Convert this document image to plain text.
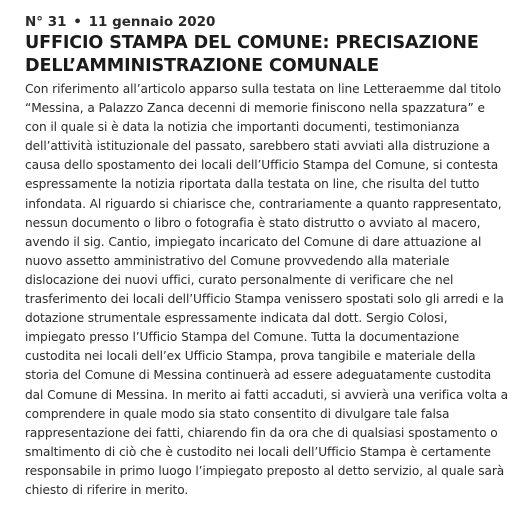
N° 31 • 11 gennaio 2020
UFFICIO STAMPA DEL COMUNE: PRECISAZIONE DELL’AMMINISTRAZIONE COMUNALE

Con riferimento all’articolo apparso sulla testata on line Letteraemme dal titolo “Messina, a Palazzo Zanca decenni di memorie finiscono nella spazzatura” e con il quale si è data la notizia che importanti documenti, testimonianza dell’attività istituzionale del passato, sarebbero stati avviati alla distruzione a causa dello spostamento dei locali dell’Ufficio Stampa del Comune, si contesta espressamente la notizia riportata dalla testata on line, che risulta del tutto infondata. Al riguardo si chiarisce che, contrariamente a quanto rappresentato, nessun documento o libro o fotografia è stato distrutto o avviato al macero, avendo il sig. Cantio, impiegato incaricato del Comune di dare attuazione al nuovo assetto amministrativo del Comune provvedendo alla materiale dislocazione dei nuovi uffici, curato personalmente di verificare che nel trasferimento dei locali dell’Ufficio Stampa venissero spostati solo gli arredi e la dotazione strumentale espressamente indicata dal dott. Sergio Colosi, impiegato presso l’Ufficio Stampa del Comune. Tutta la documentazione custodita nei locali dell’ex Ufficio Stampa, prova tangibile e materiale della storia del Comune di Messina continuerà ad essere adeguatamente custodita dal Comune di Messina. In merito ai fatti accaduti, si avvierà una verifica volta a comprendere in quale modo sia stato consentito di divulgare tale falsa rappresentazione dei fatti, chiarendo fin da ora che di qualsiasi spostamento o smaltimento di ciò che è custodito nei locali dell’Ufficio Stampa è certamente responsabile in primo luogo l’impiegato preposto al detto servizio, al quale sarà chiesto di riferire in merito.
